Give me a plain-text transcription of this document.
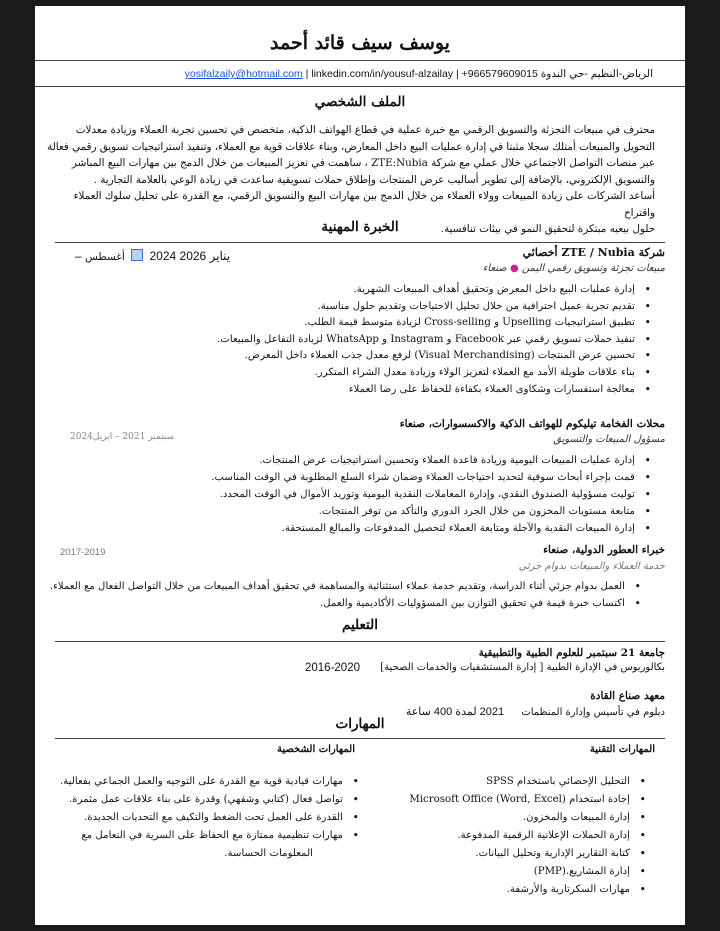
يوسف سيف قائد أحمد
الرياض-النظيم -حي الندوة +966579609015 | linkedin.com/in/yousuf-alzailay | yosifalzaily@hotmail.com
الملف الشخصي
محترف في مبيعات التجزئة والتسويق الرقمي مع خبرة عملية في قطاع الهواتف الذكية، متخصص في تحسين تجربة العملاء وزيادة معدلات
التحويل والمبيعات أمتلك سجلا مثبتا في إدارة عمليات البيع داخل المعارض، وبناء علاقات قوية مع العملاء، وتنفيذ استراتيجيات تسويق رقمي فعالة
عبر منصات التواصل الاجتماعي خلال عملي مع شركة ZTE:Nubia ، ساهمت في تعزيز المبيعات من خلال الدمج بين مهارات البيع المباشر
والتسويق الإلكتروني، بالإضافة إلى تطوير أساليب عرض المنتجات وإطلاق حملات تسويقية ساعدت في زيادة الوعي بالعلامة التجارية .
أساعد الشركات على زيادة المبيعات وولاء العملاء من خلال الدمج بين مهارات البيع والتسويق الرقمي، مع القدرة على تحليل سلوك العملاء واقتراح
حلول بيعيه مبتكرة لتحقيق النمو في بيئات تنافسية.
الخبرة المهنية
شركة ZTE / Nubia أخصائي
– يناير 2026 2024  أغسطس
مبيعات تجزئة وتسويق رقمي اليمن ● صنعاء
• إدارة عمليات البيع داخل المعرض وتحقيق أهداف المبيعات الشهرية.
• تقديم تجربة عميل احترافية من خلال تحليل الاحتياجات وتقديم حلول مناسبة.
• تطبيق استراتيجيات Upselling و Cross-selling لزيادة متوسط قيمة الطلب.
• تنفيذ حملات تسويق رقمي عبر Facebook و Instagram و WhatsApp لزيادة التفاعل والمبيعات.
• تحسين عرض المنتجات (Visual Merchandising) لرفع معدل جذب العملاء داخل المعرض.
• بناء علاقات طويلة الأمد مع العملاء لتعزيز الولاء وزيادة معدل الشراء المتكرر.
• معالجة استفسارات وشكاوى العملاء بكفاءة للحفاظ على رضا العملاء
محلات الفخامة تيليكوم للهواتف الذكية والاكسسوارات، صنعاء
سبتمبر 2021 – ابريل2024	مسؤول المبيعات والتسويق
• إدارة عمليات المبيعات اليومية وزيادة قاعدة العملاء وتحسين استراتيجيات عرض المنتجات.
• قمت بإجراء أبحاث سوقية لتحديد احتياجات العملاء وضمان شراء السلع المطلوبة في الوقت المناسب.
• توليت مسؤولية الصندوق النقدي، وإدارة المعاملات النقدية اليومية وتوريد الأموال في الوقت المحدد.
• متابعة مستويات المخزون من خلال الجرد الدوري والتأكد من توفر المنتجات.
• إدارة المبيعات النقدية والآجلة ومتابعة العملاء لتحصيل المدفوعات والمبالغ المستحقة.
خبراء العطور الدولية، صنعاء
2017-2019
خدمة العملاء والمبيعات بدوام جزئي
• العمل بدوام جزئي أثناء الدراسة، وتقديم خدمة عملاء استثنائية والمساهمة في تحقيق أهداف المبيعات من خلال التواصل الفعال مع العملاء.
• اكتساب خبرة قيمة في تحقيق التوازن بين المسؤوليات الأكاديمية والعمل.
التعليم
جامعة 21 سبتمبر للعلوم الطبية والتطبيقية
بكالوريوس في الإدارة الطبية [ إدارة المستشفيات والخدمات الصحية]
2016-2020
معهد صناع القادة
دبلوم في تأسيس وإدارة المنظمات 2021 لمدة 400 ساعة
المهارات
المهارات التقنية
• التحليل الإحصائي باستخدام SPSS
• إجادة استخدام Microsoft Office (Word, Excel)
• إدارة المبيعات والمخزون.
• إدارة الحملات الإعلانية الرقمية المدفوعة.
• كتابة التقارير الإدارية وتحليل البيانات.
• إدارة المشاريع.(PMP)
• مهارات السكرتارية والأرشفة.
المهارات الشخصية
• مهارات قيادية قوية مع القدرة على التوجيه والعمل الجماعي بفعالية.
• تواصل فعال (كتابي وشفهي) وقدرة على بناء علاقات عمل مثمرة.
• القدرة على العمل تحت الضغط والتكيف مع التحديات الجديدة.
• مهارات تنظيمية ممتازة مع الحفاظ على السرية في التعامل مع
المعلومات الحساسة.
